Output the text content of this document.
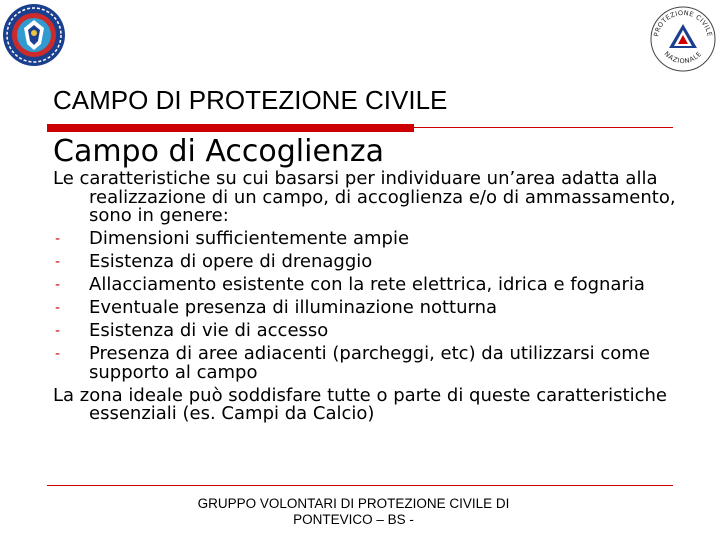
PROTEZIONE CIVILE
NAZIONALE
CAMPO DI PROTEZIONE CIVILE
Campo di Accoglienza
Le caratteristiche su cui basarsi per individuare un’area adatta alla realizzazione di un campo, di accoglienza e/o di ammassamento, sono in genere:
- Dimensioni sufficientemente ampie
- Esistenza di opere di drenaggio
- Allacciamento esistente con la rete elettrica, idrica e fognaria
- Eventuale presenza di illuminazione notturna
- Esistenza di vie di accesso
- Presenza di aree adiacenti (parcheggi, etc) da utilizzarsi come supporto al campo
La zona ideale può soddisfare tutte o parte di queste caratteristiche essenziali (es. Campi da Calcio)
GRUPPO VOLONTARI DI PROTEZIONE CIVILE DI
PONTEVICO – BS -
